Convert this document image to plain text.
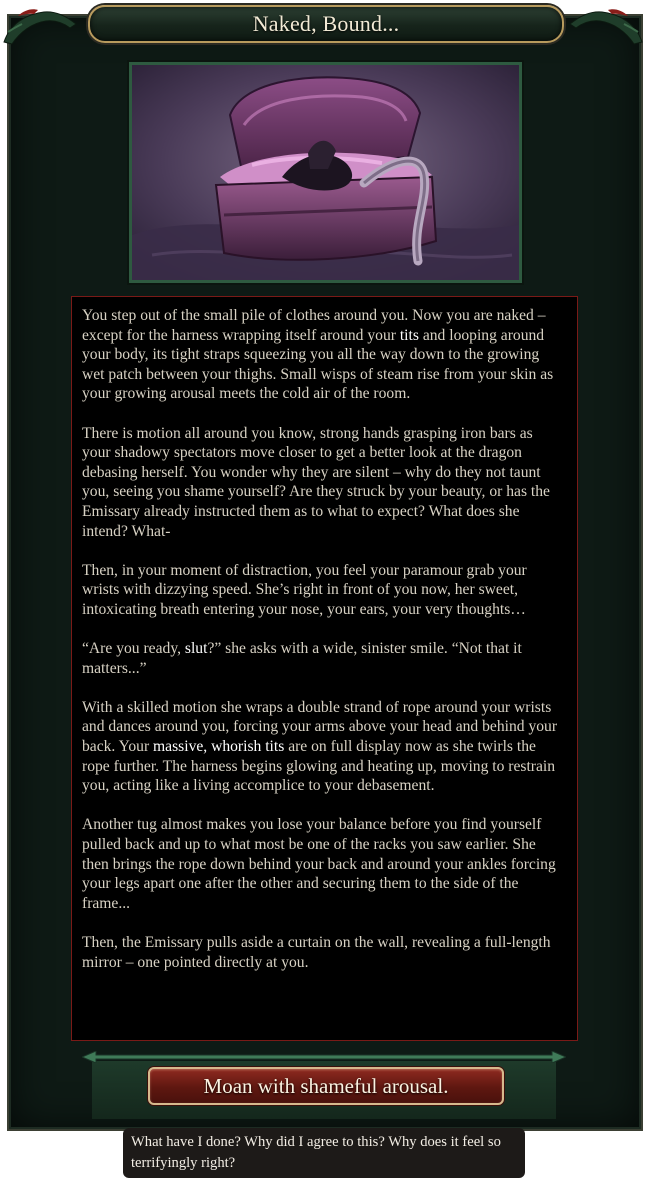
Naked, Bound...

You step out of the small pile of clothes around you. Now you are naked – except for the harness wrapping itself around your tits and looping around your body, its tight straps squeezing you all the way down to the growing wet patch between your thighs. Small wisps of steam rise from your skin as your growing arousal meets the cold air of the room.

There is motion all around you know, strong hands grasping iron bars as your shadowy spectators move closer to get a better look at the dragon debasing herself. You wonder why they are silent – why do they not taunt you, seeing you shame yourself? Are they struck by your beauty, or has the Emissary already instructed them as to what to expect? What does she intend? What-

Then, in your moment of distraction, you feel your paramour grab your wrists with dizzying speed. She’s right in front of you now, her sweet, intoxicating breath entering your nose, your ears, your very thoughts…

“Are you ready, slut?” she asks with a wide, sinister smile. “Not that it matters...”

With a skilled motion she wraps a double strand of rope around your wrists and dances around you, forcing your arms above your head and behind your back. Your massive, whorish tits are on full display now as she twirls the rope further. The harness begins glowing and heating up, moving to restrain you, acting like a living accomplice to your debasement.

Another tug almost makes you lose your balance before you find yourself pulled back and up to what most be one of the racks you saw earlier. She then brings the rope down behind your back and around your ankles forcing your legs apart one after the other and securing them to the side of the frame...

Then, the Emissary pulls aside a curtain on the wall, revealing a full-length mirror – one pointed directly at you.

Moan with shameful arousal.
What have I done? Why did I agree to this? Why does it feel so terrifyingly right?
